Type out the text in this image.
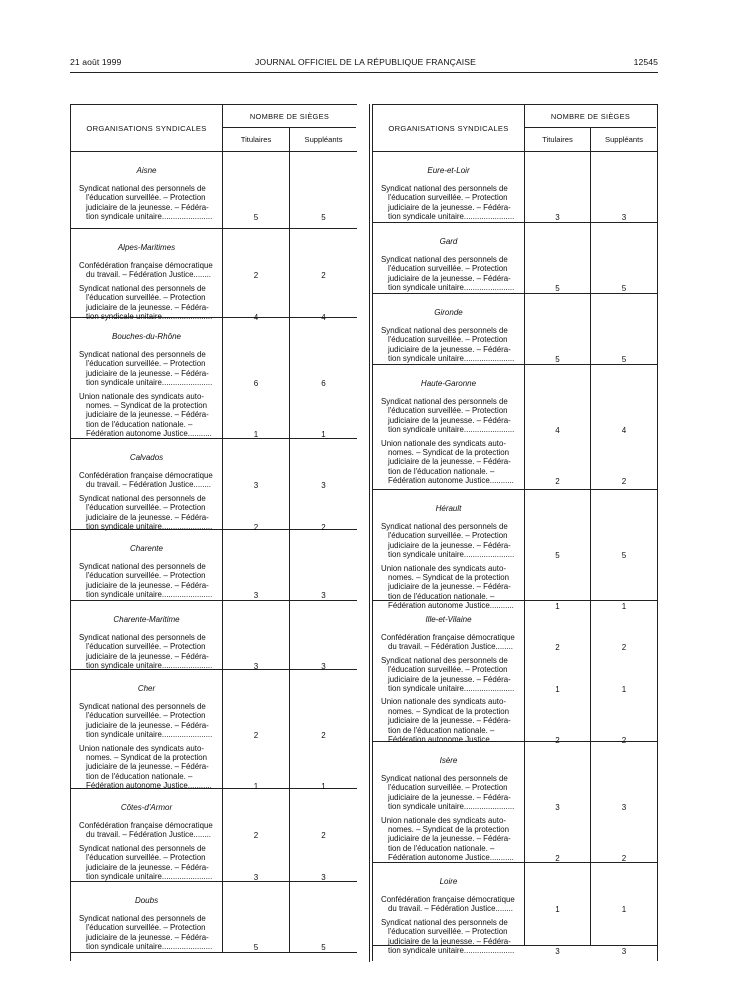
21 août 1999	JOURNAL OFFICIEL DE LA RÉPUBLIQUE FRANÇAISE	12545
ORGANISATIONS SYNDICALES
NOMBRE DE SIÈGES
Titulaires	Suppléants
Aisne
Syndicat national des personnels de
l'éducation surveillée. – Protection
judiciaire de la jeunesse. – Fédéra-
tion syndicale unitaire.......................	5	5
Alpes-Maritimes
Confédération française démocratique
du travail. – Fédération Justice........	2	2
Syndicat national des personnels de
l'éducation surveillée. – Protection
judiciaire de la jeunesse. – Fédéra-
tion syndicale unitaire.......................	4	4
Bouches-du-Rhône
Syndicat national des personnels de
l'éducation surveillée. – Protection
judiciaire de la jeunesse. – Fédéra-
tion syndicale unitaire.......................	6	6
Union nationale des syndicats auto-
nomes. – Syndicat de la protection
judiciaire de la jeunesse. – Fédéra-
tion de l'éducation nationale. –
Fédération autonome Justice...........	1	1
Calvados
Confédération française démocratique
du travail. – Fédération Justice........	3	3
Syndicat national des personnels de
l'éducation surveillée. – Protection
judiciaire de la jeunesse. – Fédéra-
tion syndicale unitaire.......................	2	2
Charente
Syndicat national des personnels de
l'éducation surveillée. – Protection
judiciaire de la jeunesse. – Fédéra-
tion syndicale unitaire.......................	3	3
Charente-Maritime
Syndicat national des personnels de
l'éducation surveillée. – Protection
judiciaire de la jeunesse. – Fédéra-
tion syndicale unitaire.......................	3	3
Cher
Syndicat national des personnels de
l'éducation surveillée. – Protection
judiciaire de la jeunesse. – Fédéra-
tion syndicale unitaire.......................	2	2
Union nationale des syndicats auto-
nomes. – Syndicat de la protection
judiciaire de la jeunesse. – Fédéra-
tion de l'éducation nationale. –
Fédération autonome Justice...........	1	1
Côtes-d'Armor
Confédération française démocratique
du travail. – Fédération Justice........	2	2
Syndicat national des personnels de
l'éducation surveillée. – Protection
judiciaire de la jeunesse. – Fédéra-
tion syndicale unitaire.......................	3	3
Doubs
Syndicat national des personnels de
l'éducation surveillée. – Protection
judiciaire de la jeunesse. – Fédéra-
tion syndicale unitaire.......................	5	5
ORGANISATIONS SYNDICALES
NOMBRE DE SIÈGES
Titulaires	Suppléants
Eure-et-Loir
Syndicat national des personnels de
l'éducation surveillée. – Protection
judiciaire de la jeunesse. – Fédéra-
tion syndicale unitaire.......................	3	3
Gard
Syndicat national des personnels de
l'éducation surveillée. – Protection
judiciaire de la jeunesse. – Fédéra-
tion syndicale unitaire.......................	5	5
Gironde
Syndicat national des personnels de
l'éducation surveillée. – Protection
judiciaire de la jeunesse. – Fédéra-
tion syndicale unitaire.......................	5	5
Haute-Garonne
Syndicat national des personnels de
l'éducation surveillée. – Protection
judiciaire de la jeunesse. – Fédéra-
tion syndicale unitaire.......................	4	4
Union nationale des syndicats auto-
nomes. – Syndicat de la protection
judiciaire de la jeunesse. – Fédéra-
tion de l'éducation nationale. –
Fédération autonome Justice...........	2	2
Hérault
Syndicat national des personnels de
l'éducation surveillée. – Protection
judiciaire de la jeunesse. – Fédéra-
tion syndicale unitaire.......................	5	5
Union nationale des syndicats auto-
nomes. – Syndicat de la protection
judiciaire de la jeunesse. – Fédéra-
tion de l'éducation nationale. –
Fédération autonome Justice...........	1	1
Ille-et-Vilaine
Confédération française démocratique
du travail. – Fédération Justice........	2	2
Syndicat national des personnels de
l'éducation surveillée. – Protection
judiciaire de la jeunesse. – Fédéra-
tion syndicale unitaire.......................	1	1
Union nationale des syndicats auto-
nomes. – Syndicat de la protection
judiciaire de la jeunesse. – Fédéra-
tion de l'éducation nationale. –
Fédération autonome Justice...........	2	2
Isère
Syndicat national des personnels de
l'éducation surveillée. – Protection
judiciaire de la jeunesse. – Fédéra-
tion syndicale unitaire.......................	3	3
Union nationale des syndicats auto-
nomes. – Syndicat de la protection
judiciaire de la jeunesse. – Fédéra-
tion de l'éducation nationale. –
Fédération autonome Justice...........	2	2
Loire
Confédération française démocratique
du travail. – Fédération Justice........	1	1
Syndicat national des personnels de
l'éducation surveillée. – Protection
judiciaire de la jeunesse. – Fédéra-
tion syndicale unitaire.......................	3	3
